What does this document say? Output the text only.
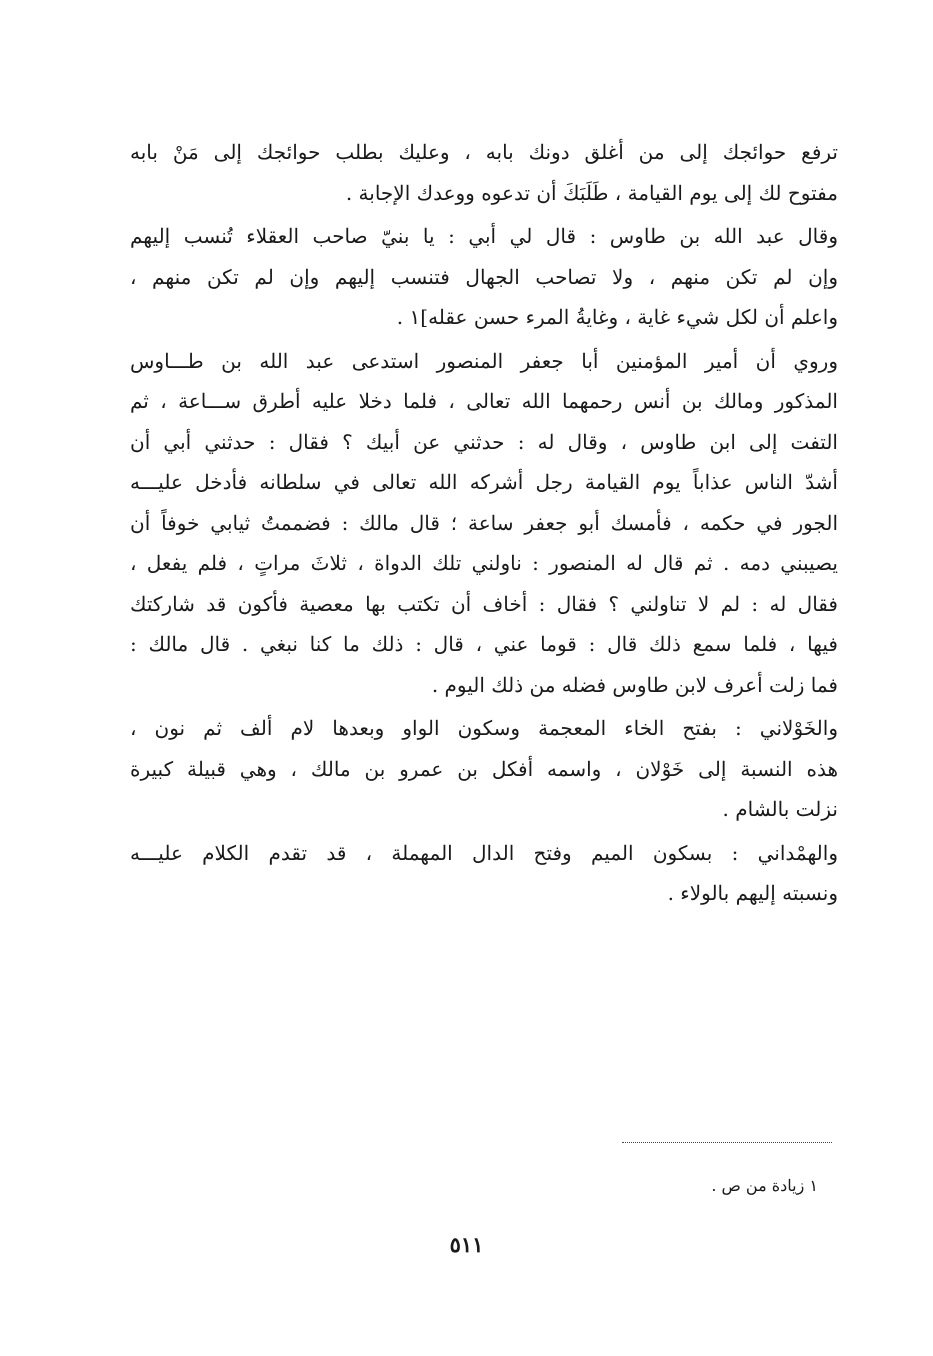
ترفع حوائجك إلى من أغلق دونك بابه ، وعليك بطلب حوائجك إلى مَنْ بابه
مفتوح لك إلى يوم القيامة ، طَلَبَكَ أن تدعوه ووعدك الإجابة .
وقال عبد الله بن طاوس : قال لي أبي : يا بنيّ صاحب العقلاء تُنسب إليهم
وإن لم تكن منهم ، ولا تصاحب الجهال فتنسب إليهم وإن لم تكن منهم ،
واعلم أن لكل شيء غاية ، وغايةُ المرء حسن عقله]١ .
وروي أن أمير المؤمنين أبا جعفر المنصور استدعى عبد الله بن طـــاوس
المذكور ومالك بن أنس رحمهما الله تعالى ، فلما دخلا عليه أطرق ســـاعة ، ثم
التفت إلى ابن طاوس ، وقال له : حدثني عن أبيك ؟ فقال : حدثني أبي أن
أشدّ الناس عذاباً يوم القيامة رجل أشركه الله تعالى في سلطانه فأدخل عليـــه
الجور في حكمه ، فأمسك أبو جعفر ساعة ؛ قال مالك : فضممتُ ثيابي خوفاً أن
يصيبني دمه . ثم قال له المنصور : ناولني تلك الدواة ، ثلاثَ مراتٍ ، فلم يفعل ،
فقال له : لم لا تناولني ؟ فقال : أخاف أن تكتب بها معصية فأكون قد شاركتك
فيها ، فلما سمع ذلك قال : قوما عني ، قال : ذلك ما كنا نبغي . قال مالك :
فما زلت أعرف لابن طاوس فضله من ذلك اليوم .
والخَوْلاني : بفتح الخاء المعجمة وسكون الواو وبعدها لام ألف ثم نون ،
هذه النسبة إلى خَوْلان ، واسمه أفكل بن عمرو بن مالك ، وهي قبيلة كبيرة
نزلت بالشام .
والهمْداني : بسكون الميم وفتح الدال المهملة ، قد تقدم الكلام عليـــه
ونسبته إليهم بالولاء .
١ زيادة من ص .
٥١١
